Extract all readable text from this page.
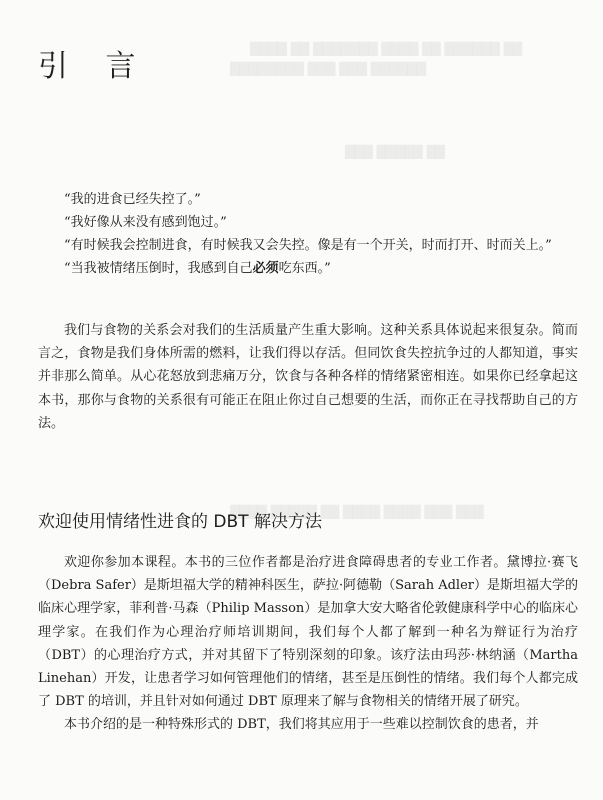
████ ██ ███████ ████ ██ ██████ ██
████████ ███ ███ ██████
███ █████ ██
████ █████ ██ ████ ████ ███ ███
引 言

“我的进食已经失控了。”

“我好像从来没有感到饱过。”

“有时候我会控制进食，有时候我又会失控。像是有一个开关，时而打开、时而关上。”

“当我被情绪压倒时，我感到自己必须吃东西。”

我们与食物的关系会对我们的生活质量产生重大影响。这种关系具体说起来很复杂。简而言之，食物是我们身体所需的燃料，让我们得以存活。但同饮食失控抗争过的人都知道，事实并非那么简单。从心花怒放到悲痛万分，饮食与各种各样的情绪紧密相连。如果你已经拿起这本书，那你与食物的关系很有可能正在阻止你过自己想要的生活，而你正在寻找帮助自己的方法。

欢迎使用情绪性进食的 DBT 解决方法

欢迎你参加本课程。本书的三位作者都是治疗进食障碍患者的专业工作者。黛博拉·赛飞（Debra Safer）是斯坦福大学的精神科医生，萨拉·阿德勒（Sarah Adler）是斯坦福大学的临床心理学家，菲利普·马森（Philip Masson）是加拿大安大略省伦敦健康科学中心的临床心理学家。在我们作为心理治疗师培训期间，我们每个人都了解到一种名为辩证行为治疗（DBT）的心理治疗方式，并对其留下了特别深刻的印象。该疗法由玛莎·林纳涵（Martha Linehan）开发，让患者学习如何管理他们的情绪，甚至是压倒性的情绪。我们每个人都完成了 DBT 的培训，并且针对如何通过 DBT 原理来了解与食物相关的情绪开展了研究。

本书介绍的是一种特殊形式的 DBT，我们将其应用于一些难以控制饮食的患者，并
